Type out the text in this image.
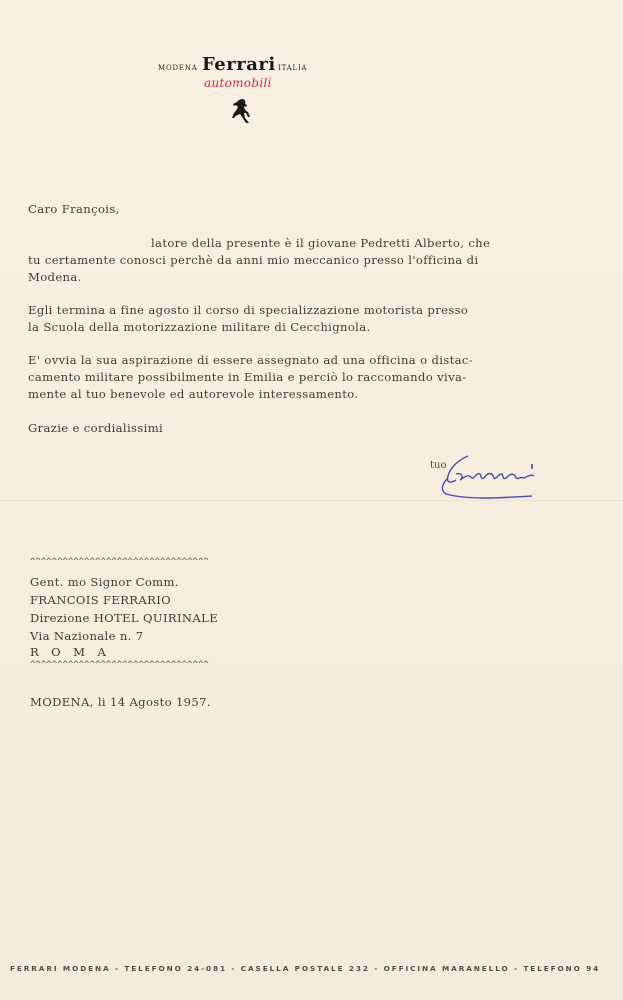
MODENA Ferrari ITALIA
automobili
Caro François,
latore della presente è il giovane Pedretti Alberto, che
tu certamente conosci perchè da anni mio meccanico presso l'officina di
Modena.
Egli termina a fine agosto il corso di specializzazione motorista presso
la Scuola della motorizzazione militare di Cecchignola.
E' ovvia la sua aspirazione di essere assegnato ad una officina o distac-
camento militare possibilmente in Emilia e perciò lo raccomando viva-
mente al tuo benevole ed autorevole interessamento.
Grazie e cordialissimi
tuo
^^^^^^^^^^^^^^^^^^^^^^^^^^^^^^^^^
Gent. mo Signor Comm.
FRANCOIS FERRARIO
Direzione HOTEL QUIRINALE
Via Nazionale n. 7
R   O   M   A
^^^^^^^^^^^^^^^^^^^^^^^^^^^^^^^^^
MODENA, li 14 Agosto 1957.
FERRARI MODENA - TELEFONO 24-081 - CASELLA POSTALE 232 - OFFICINA MARANELLO - TELEFONO 94
